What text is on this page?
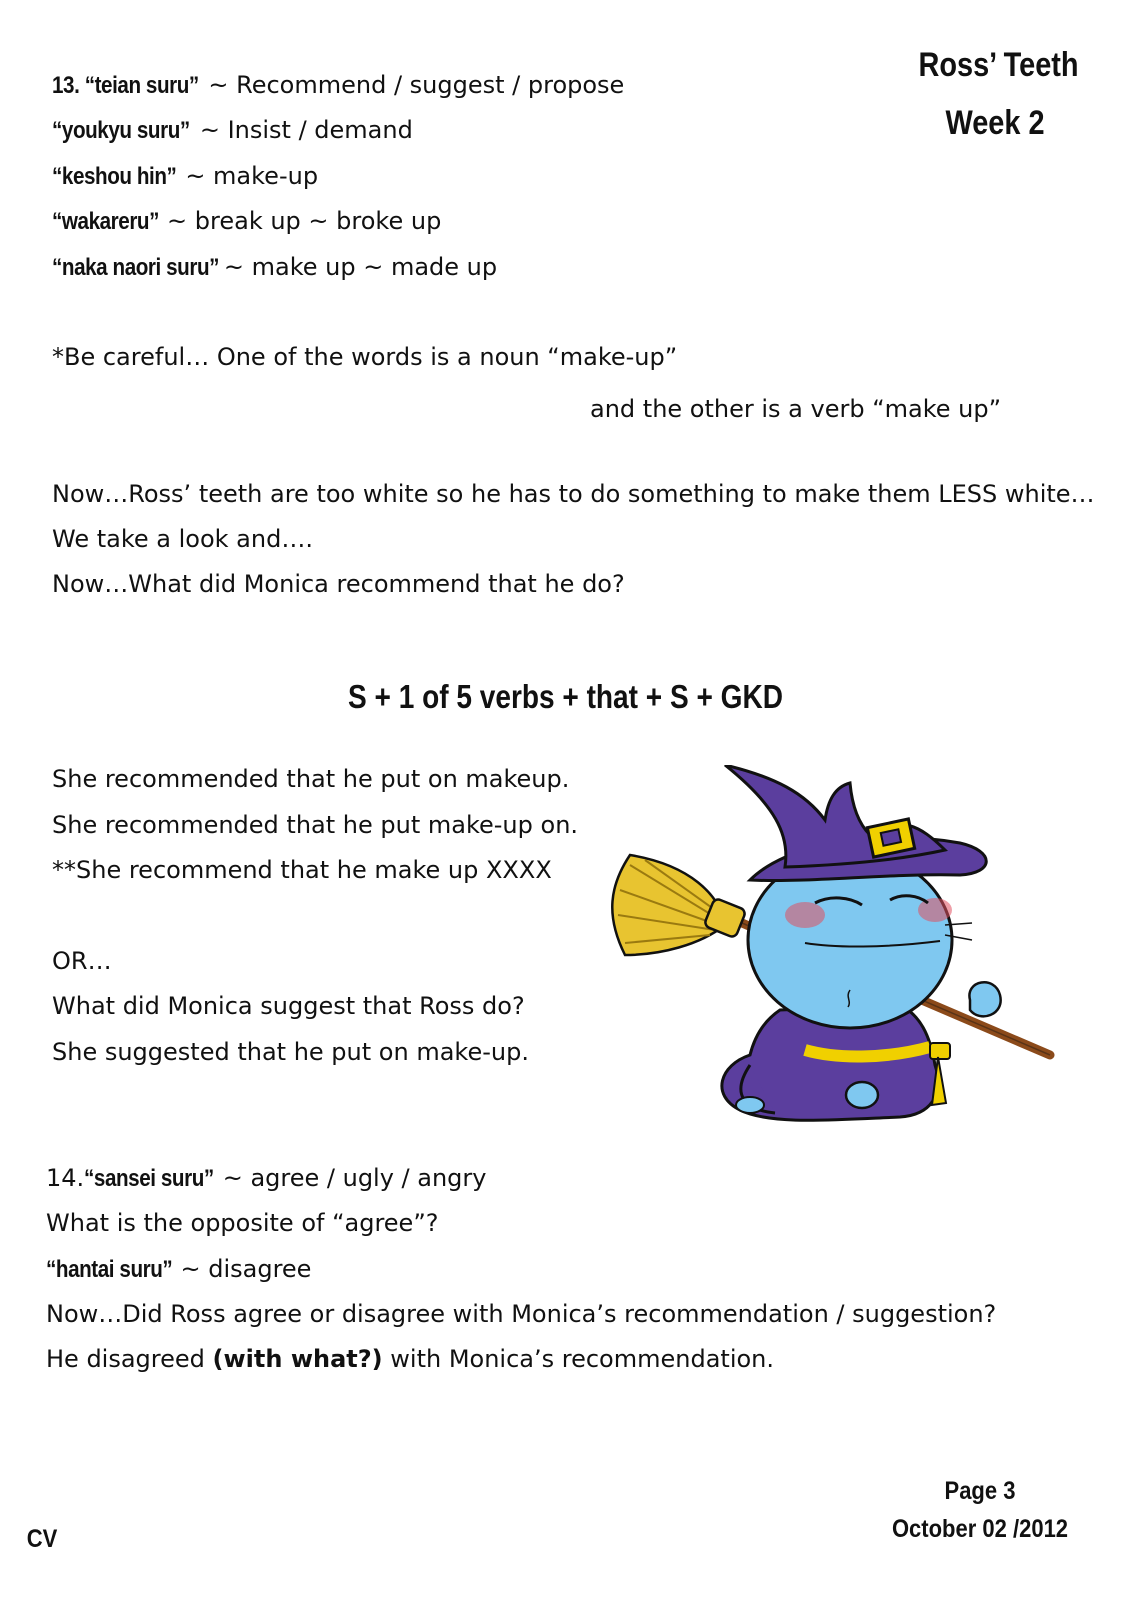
Ross’ Teeth
Week 2
13. “teian suru” ~ Recommend / suggest / propose
“youkyu suru” ~ Insist / demand
“keshou hin” ~ make-up
“wakareru” ~ break up ~ broke up
“naka naori suru” ~ make up ~ made up
*Be careful… One of the words is a noun “make-up”
and the other is a verb “make up”
Now…Ross’ teeth are too white so he has to do something to make them LESS white…
We take a look and….
Now…What did Monica recommend that he do?
S + 1 of 5 verbs + that + S + GKD
She recommended that he put on makeup.
She recommended that he put make-up on.
**She recommend that he make up XXXX
OR…
What did Monica suggest that Ross do?
She suggested that he put on make-up.
14.“sansei suru” ~ agree / ugly / angry
What is the opposite of “agree”?
“hantai suru” ~ disagree
Now…Did Ross agree or disagree with Monica’s recommendation / suggestion?
He disagreed (with what?) with Monica’s recommendation.
Page 3
October 02 /2012
CV
